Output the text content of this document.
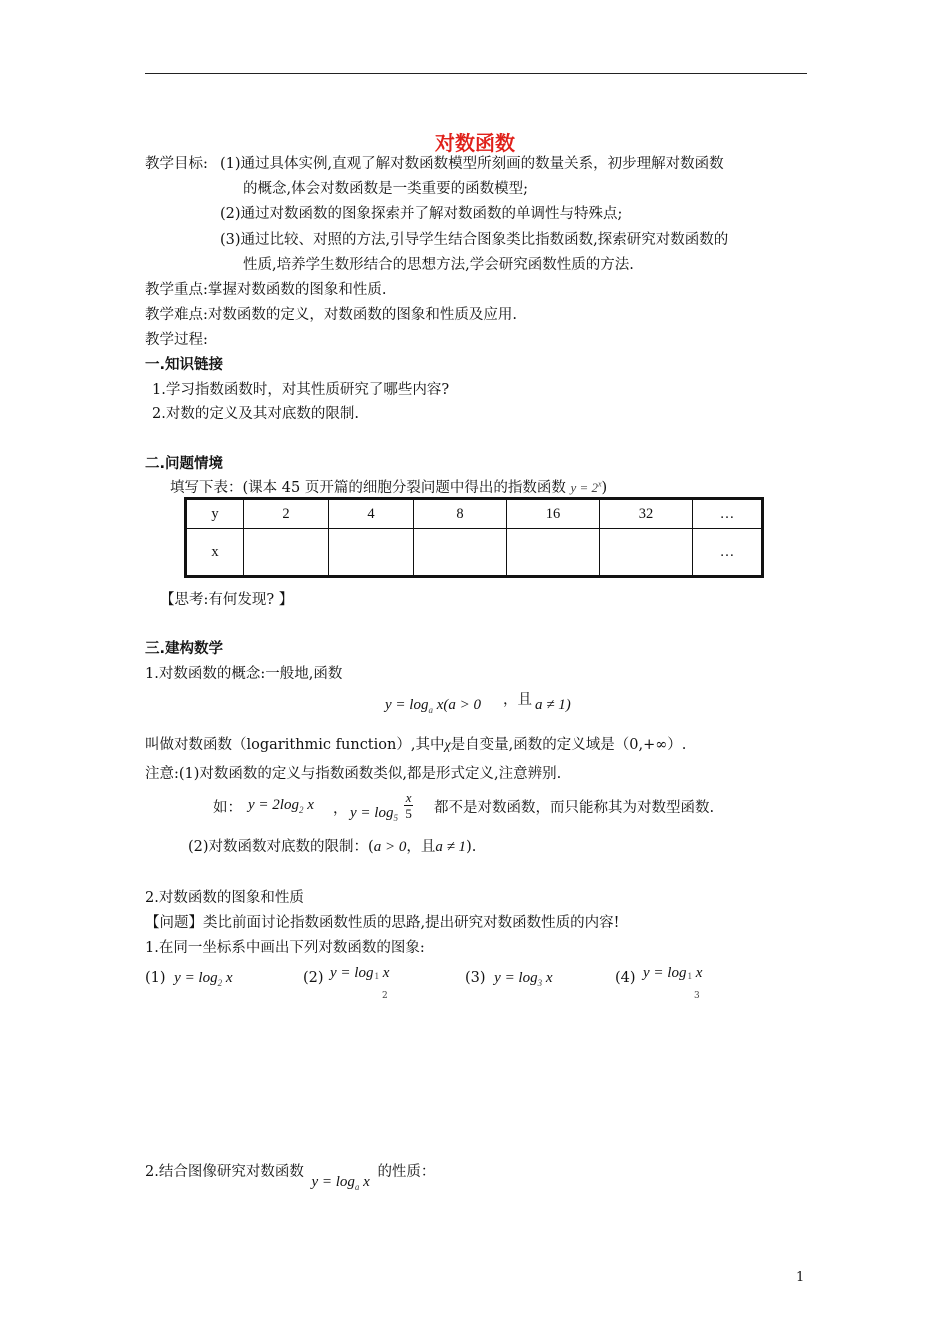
对数函数
教学目标: (1)通过具体实例,直观了解对数函数模型所刻画的数量关系，初步理解对数函数
的概念,体会对数函数是一类重要的函数模型;
(2)通过对数函数的图象探索并了解对数函数的单调性与特殊点;
(3)通过比较、对照的方法,引导学生结合图象类比指数函数,探索研究对数函数的
性质,培养学生数形结合的思想方法,学会研究函数性质的方法.
教学重点:掌握对数函数的图象和性质.
教学难点:对数函数的定义，对数函数的图象和性质及应用.
教学过程:
一.知识链接
1.学习指数函数时，对其性质研究了哪些内容?
2.对数的定义及其对底数的限制.
二.问题情境
填写下表：(课本 45 页开篇的细胞分裂问题中得出的指数函数 $y = 2^x$)
y	2	4	8	16	32	…
x						…
【思考:有何发现? 】
三.建构数学
1.对数函数的概念:一般地,函数
$y = \log_a x(a > 0$ ，且 a ≠ 1)
叫做对数函数（logarithmic function）,其中χ是自变量,函数的定义域是（0,+∞）.
注意:(1)对数函数的定义与指数函数类似,都是形式定义,注意辨别.
如： $y = 2\log_2$ x ， $y = \log_5 \frac{x}{5}$ 都不是对数函数，而只能称其为对数型函数.
(2)对数函数对底数的限制：(a > 0，且a ≠ 1).
2.对数函数的图象和性质
【问题】类比前面讨论指数函数性质的思路,提出研究对数函数性质的内容!
1.在同一坐标系中画出下列对数函数的图象:
(1) $y = \log_2 x$	(2) y = log1 x
2
(3) $y = \log_3 x$	(4) y = log1 x
3
2.结合图像研究对数函数 $y = \log_a x$ 的性质：
1
